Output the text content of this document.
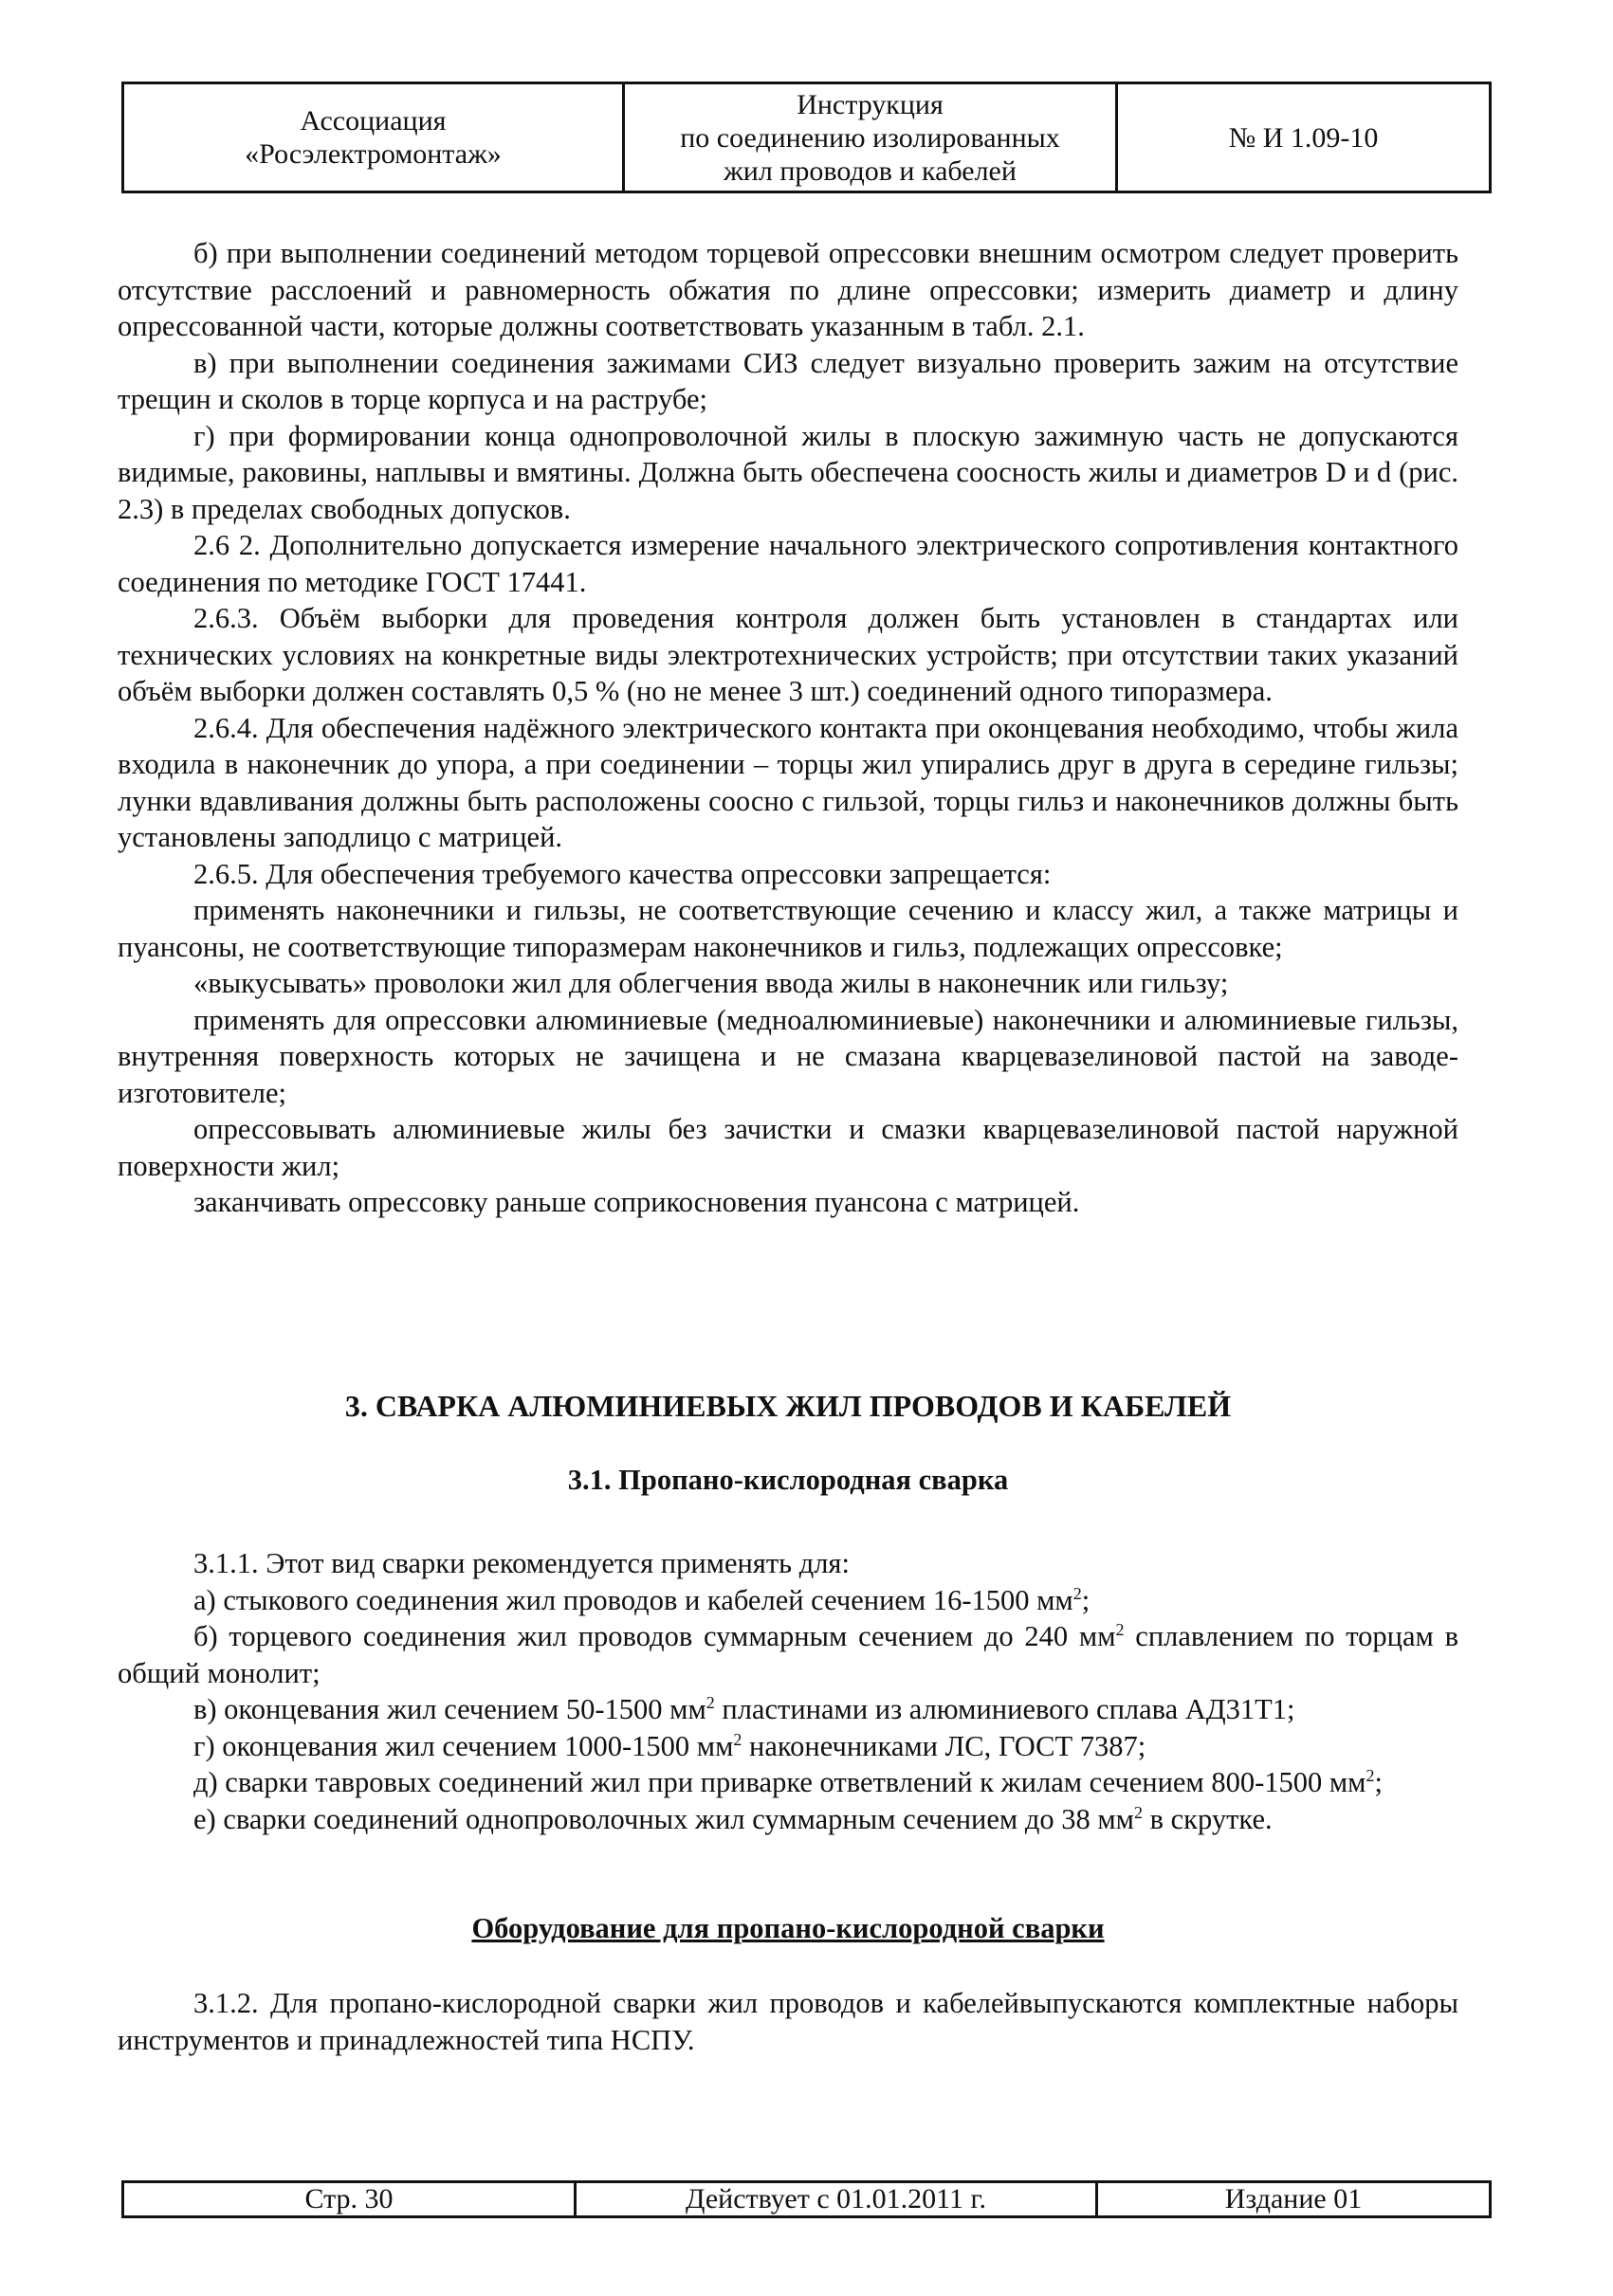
Ассоциация
«Росэлектромонтаж»
Инструкция
по соединению изолированных
жил проводов и кабелей
№ И 1.09-10

б) при выполнении соединений методом торцевой опрессовки внешним осмотром следует проверить отсутствие расслоений и равномерность обжатия по длине опрессовки; измерить диаметр и длину опрессованной части, которые должны соответствовать указанным в табл. 2.1.

в) при выполнении соединения зажимами СИЗ следует визуально проверить зажим на отсутствие трещин и сколов в торце корпуса и на раструбе;

г) при формировании конца однопроволочной жилы в плоскую зажимную часть не допускаются видимые, раковины, наплывы и вмятины. Должна быть обеспечена соосность жилы и диаметров D и d (рис. 2.3) в пределах свободных допусков.

2.6 2. Дополнительно допускается измерение начального электрического сопротивления контактного соединения по методике ГОСТ 17441.

2.6.3. Объём выборки для проведения контроля должен быть установлен в стандартах или технических условиях на конкретные виды электротехнических устройств; при отсутствии таких указаний объём выборки должен составлять 0,5 % (но не менее 3 шт.) соединений одного типоразмера.

2.6.4. Для обеспечения надёжного электрического контакта при оконцевания необходимо, чтобы жила входила в наконечник до упора, а при соединении – торцы жил упирались друг в друга в середине гильзы; лунки вдавливания должны быть расположены соосно с гильзой, торцы гильз и наконечников должны быть установлены заподлицо с матрицей.

2.6.5. Для обеспечения требуемого качества опрессовки запрещается:

применять наконечники и гильзы, не соответствующие сечению и классу жил, а также матрицы и пуансоны, не соответствующие типоразмерам наконечников и гильз, подлежащих опрессовке;

«выкусывать» проволоки жил для облегчения ввода жилы в наконечник или гильзу;

применять для опрессовки алюминиевые (медноалюминиевые) наконечники и алюминиевые гильзы, внутренняя поверхность которых не зачищена и не смазана кварцевазелиновой пастой на заводе-изготовителе;

опрессовывать алюминиевые жилы без зачистки и смазки кварцевазелиновой пастой наружной поверхности жил;

заканчивать опрессовку раньше соприкосновения пуансона с матрицей.

3. СВАРКА АЛЮМИНИЕВЫХ ЖИЛ ПРОВОДОВ И КАБЕЛЕЙ
3.1. Пропано-кислородная сварка

3.1.1. Этот вид сварки рекомендуется применять для:

а) стыкового соединения жил проводов и кабелей сечением 16-1500 $мм^2$;

б) торцевого соединения жил проводов суммарным сечением до 240 $мм^2$ сплавлением по торцам в общий монолит;

в) оконцевания жил сечением 50-1500 $мм^2$ пластинами из алюминиевого сплава АД31Т1;

г) оконцевания жил сечением 1000-1500 $мм^2$ наконечниками ЛС, ГОСТ 7387;

д) сварки тавровых соединений жил при приварке ответвлений к жилам сечением 800-1500 $мм^2$;

е) сварки соединений однопроволочных жил суммарным сечением до 38 $мм^2$ в скрутке.

Оборудование для пропано-кислородной сварки

3.1.2. Для пропано-кислородной сварки жил проводов и кабелейвыпускаются комплектные наборы инструментов и принадлежностей типа НСПУ.

Стр. 30	Действует с 01.01.2011 г.	Издание 01
